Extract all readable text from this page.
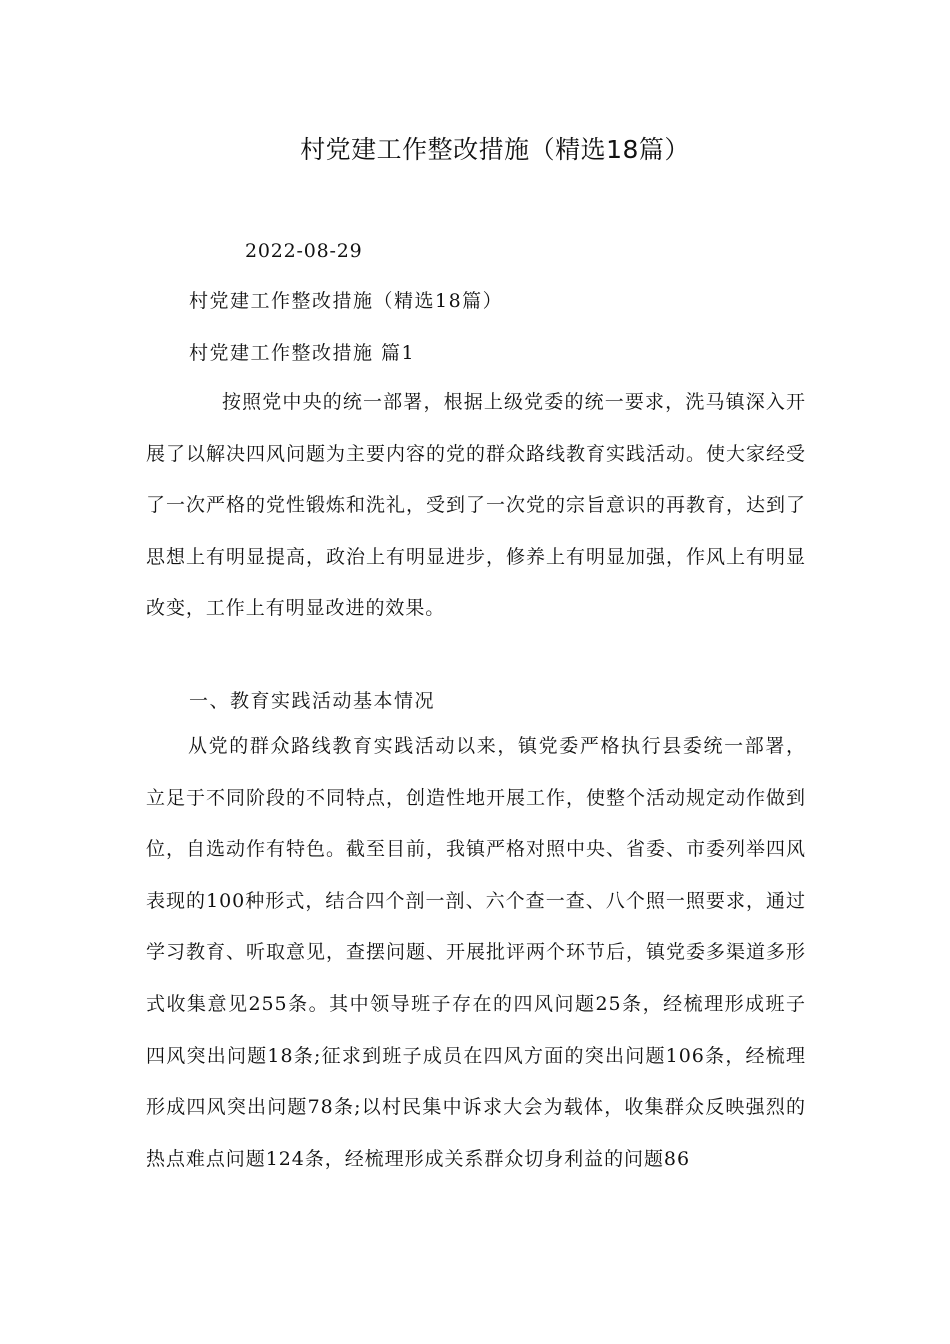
村党建工作整改措施（精选18篇）
2022-08-29
村党建工作整改措施（精选18篇）
村党建工作整改措施 篇1

按照党中央的统一部署，根据上级党委的统一要求，洗马镇深入开展了以解决四风问题为主要内容的党的群众路线教育实践活动。使大家经受了一次严格的党性锻炼和洗礼，受到了一次党的宗旨意识的再教育，达到了思想上有明显提高，政治上有明显进步，修养上有明显加强，作风上有明显改变，工作上有明显改进的效果。

一、教育实践活动基本情况

从党的群众路线教育实践活动以来，镇党委严格执行县委统一部署，立足于不同阶段的不同特点，创造性地开展工作，使整个活动规定动作做到位，自选动作有特色。截至目前，我镇严格对照中央、省委、市委列举四风表现的100种形式，结合四个剖一剖、六个查一查、八个照一照要求，通过学习教育、听取意见，查摆问题、开展批评两个环节后，镇党委多渠道多形式收集意见255条。其中领导班子存在的四风问题25条，经梳理形成班子四风突出问题18条;征求到班子成员在四风方面的突出问题106条，经梳理形成四风突出问题78条;以村民集中诉求大会为载体，收集群众反映强烈的热点难点问题124条，经梳理形成关系群众切身利益的问题86
